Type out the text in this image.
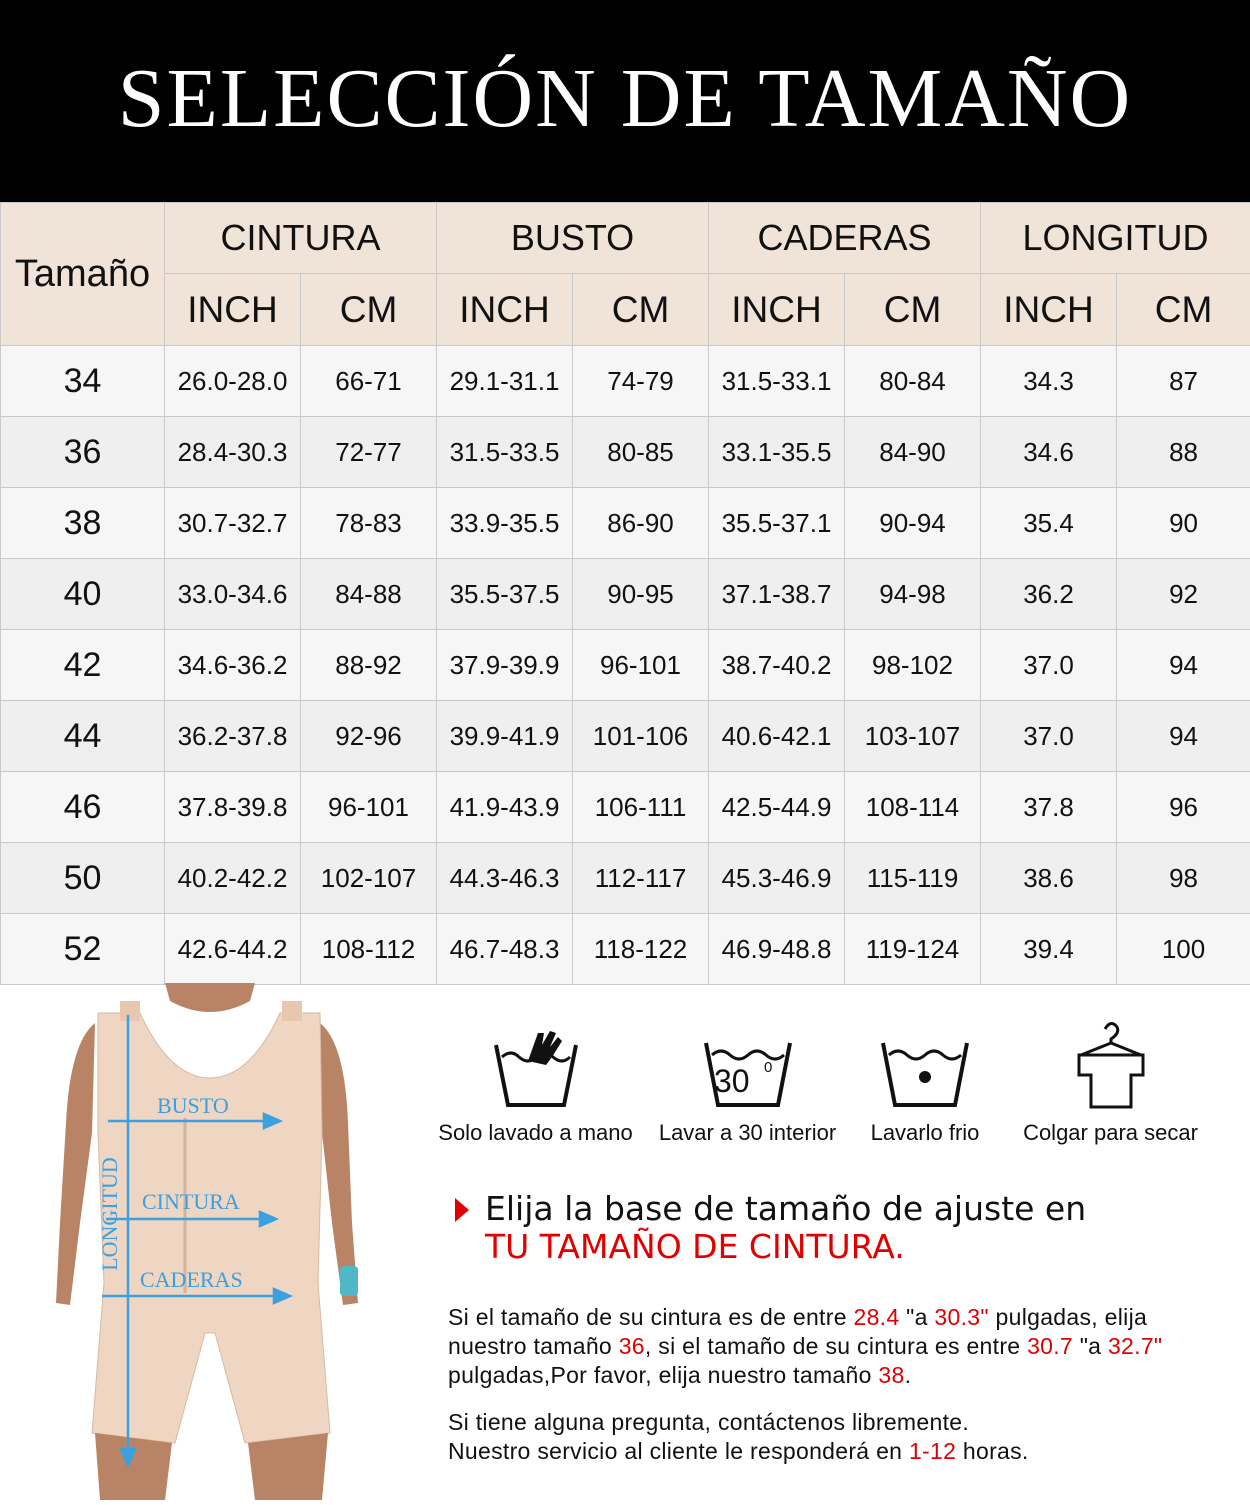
SELECCIÓN DE TAMAÑO
Tamaño	CINTURA		BUSTO		CADERAS		LONGITUD	
	INCH	CM	INCH	CM	INCH	CM	INCH	CM
34	26.0-28.0	66-71	29.1-31.1	74-79	31.5-33.1	80-84	34.3	87
36	28.4-30.3	72-77	31.5-33.5	80-85	33.1-35.5	84-90	34.6	88
38	30.7-32.7	78-83	33.9-35.5	86-90	35.5-37.1	90-94	35.4	90
40	33.0-34.6	84-88	35.5-37.5	90-95	37.1-38.7	94-98	36.2	92
42	34.6-36.2	88-92	37.9-39.9	96-101	38.7-40.2	98-102	37.0	94
44	36.2-37.8	92-96	39.9-41.9	101-106	40.6-42.1	103-107	37.0	94
46	37.8-39.8	96-101	41.9-43.9	106-111	42.5-44.9	108-114	37.8	96
50	40.2-42.2	102-107	44.3-46.3	112-117	45.3-46.9	115-119	38.6	98
52	42.6-44.2	108-112	46.7-48.3	118-122	46.9-48.8	119-124	39.4	100
BUSTO
CINTURA
CADERAS
LONGITUD
Solo lavado a mano
30 0
Lavar a 30 interior	Lavarlo frio	Colgar para secar
Elija la base de tamaño de ajuste en
TU TAMAÑO DE CINTURA.
Si el tamaño de su cintura es de entre 28.4 "a 30.3" pulgadas, elija
nuestro tamaño 36, si el tamaño de su cintura es entre 30.7 "a 32.7"
pulgadas,Por favor, elija nuestro tamaño 38.
Si tiene alguna pregunta, contáctenos libremente.
Nuestro servicio al cliente le responderá en 1-12 horas.
